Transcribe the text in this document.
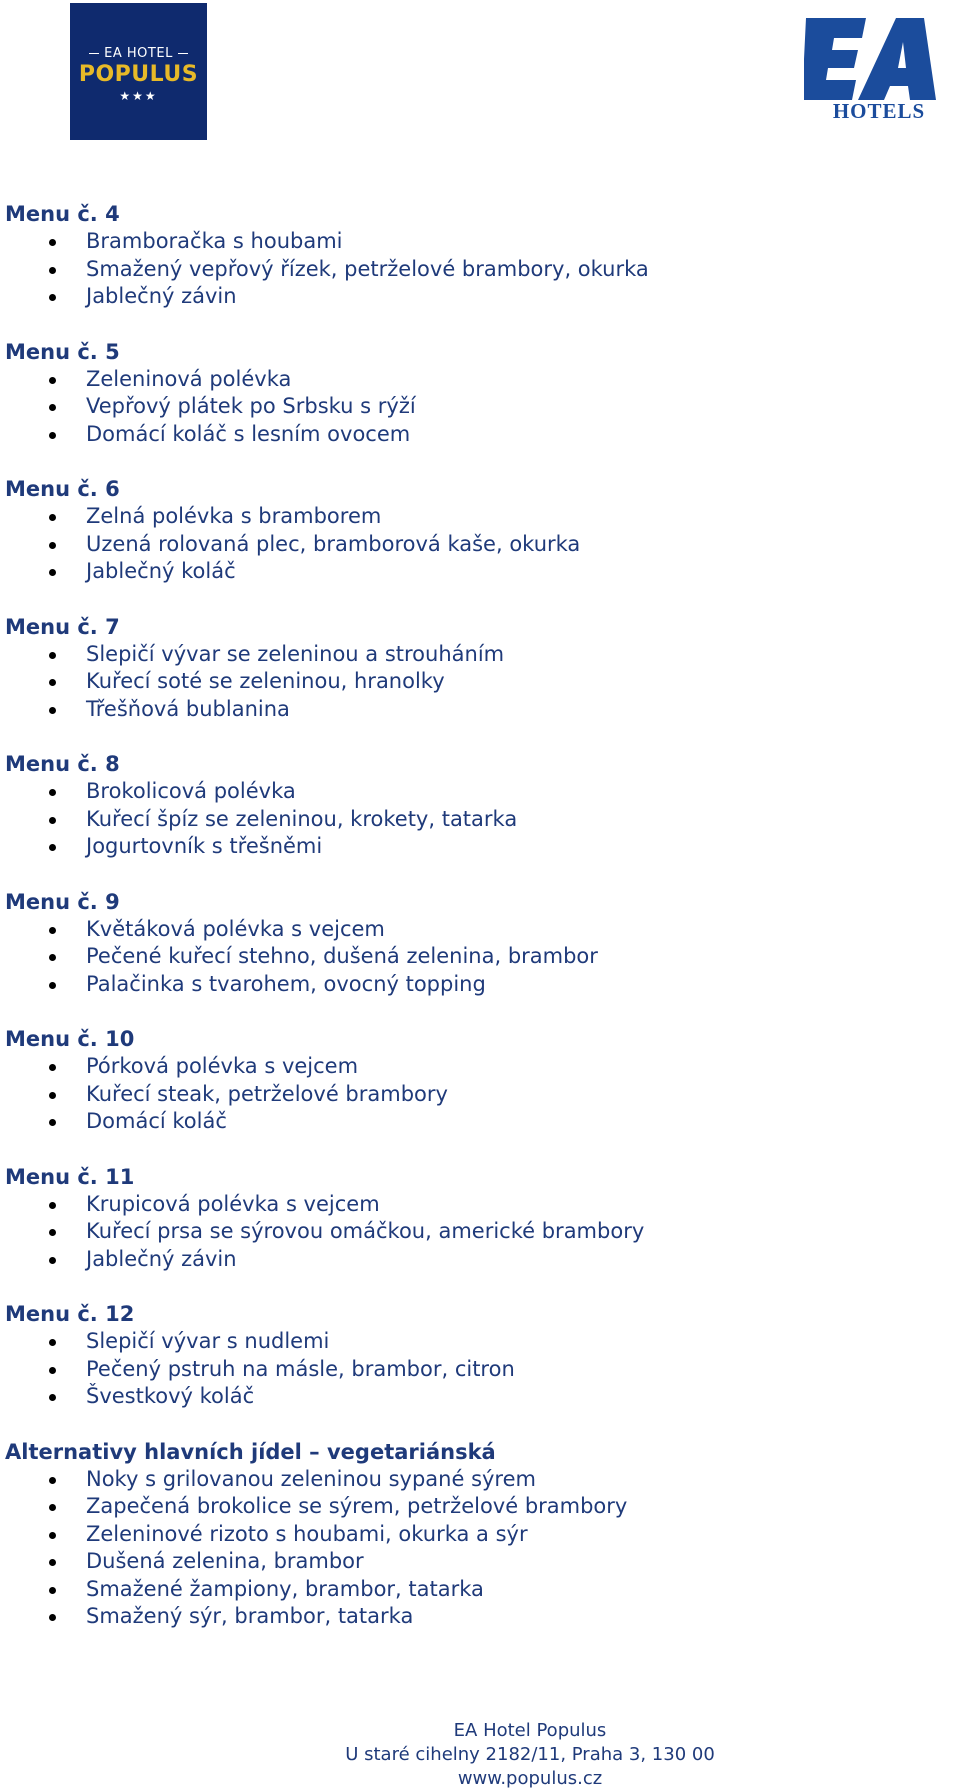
EA HOTEL
POPULUS
★★★
HOTELS
Menu č. 4
Bramboračka s houbami
Smažený vepřový řízek, petrželové brambory, okurka
Jablečný závin
Menu č. 5
Zeleninová polévka
Vepřový plátek po Srbsku s rýží
Domácí koláč s lesním ovocem
Menu č. 6
Zelná polévka s bramborem
Uzená rolovaná plec, bramborová kaše, okurka
Jablečný koláč
Menu č. 7
Slepičí vývar se zeleninou a strouháním
Kuřecí soté se zeleninou, hranolky
Třešňová bublanina
Menu č. 8
Brokolicová polévka
Kuřecí špíz se zeleninou, krokety, tatarka
Jogurtovník s třešněmi
Menu č. 9
Květáková polévka s vejcem
Pečené kuřecí stehno, dušená zelenina, brambor
Palačinka s tvarohem, ovocný topping
Menu č. 10
Pórková polévka s vejcem
Kuřecí steak, petrželové brambory
Domácí koláč
Menu č. 11
Krupicová polévka s vejcem
Kuřecí prsa se sýrovou omáčkou, americké brambory
Jablečný závin
Menu č. 12
Slepičí vývar s nudlemi
Pečený pstruh na másle, brambor, citron
Švestkový koláč
Alternativy hlavních jídel – vegetariánská
Noky s grilovanou zeleninou sypané sýrem
Zapečená brokolice se sýrem, petrželové brambory
Zeleninové rizoto s houbami, okurka a sýr
Dušená zelenina, brambor
Smažené žampiony, brambor, tatarka
Smažený sýr, brambor, tatarka
EA Hotel Populus
U staré cihelny 2182/11, Praha 3, 130 00
www.populus.cz
